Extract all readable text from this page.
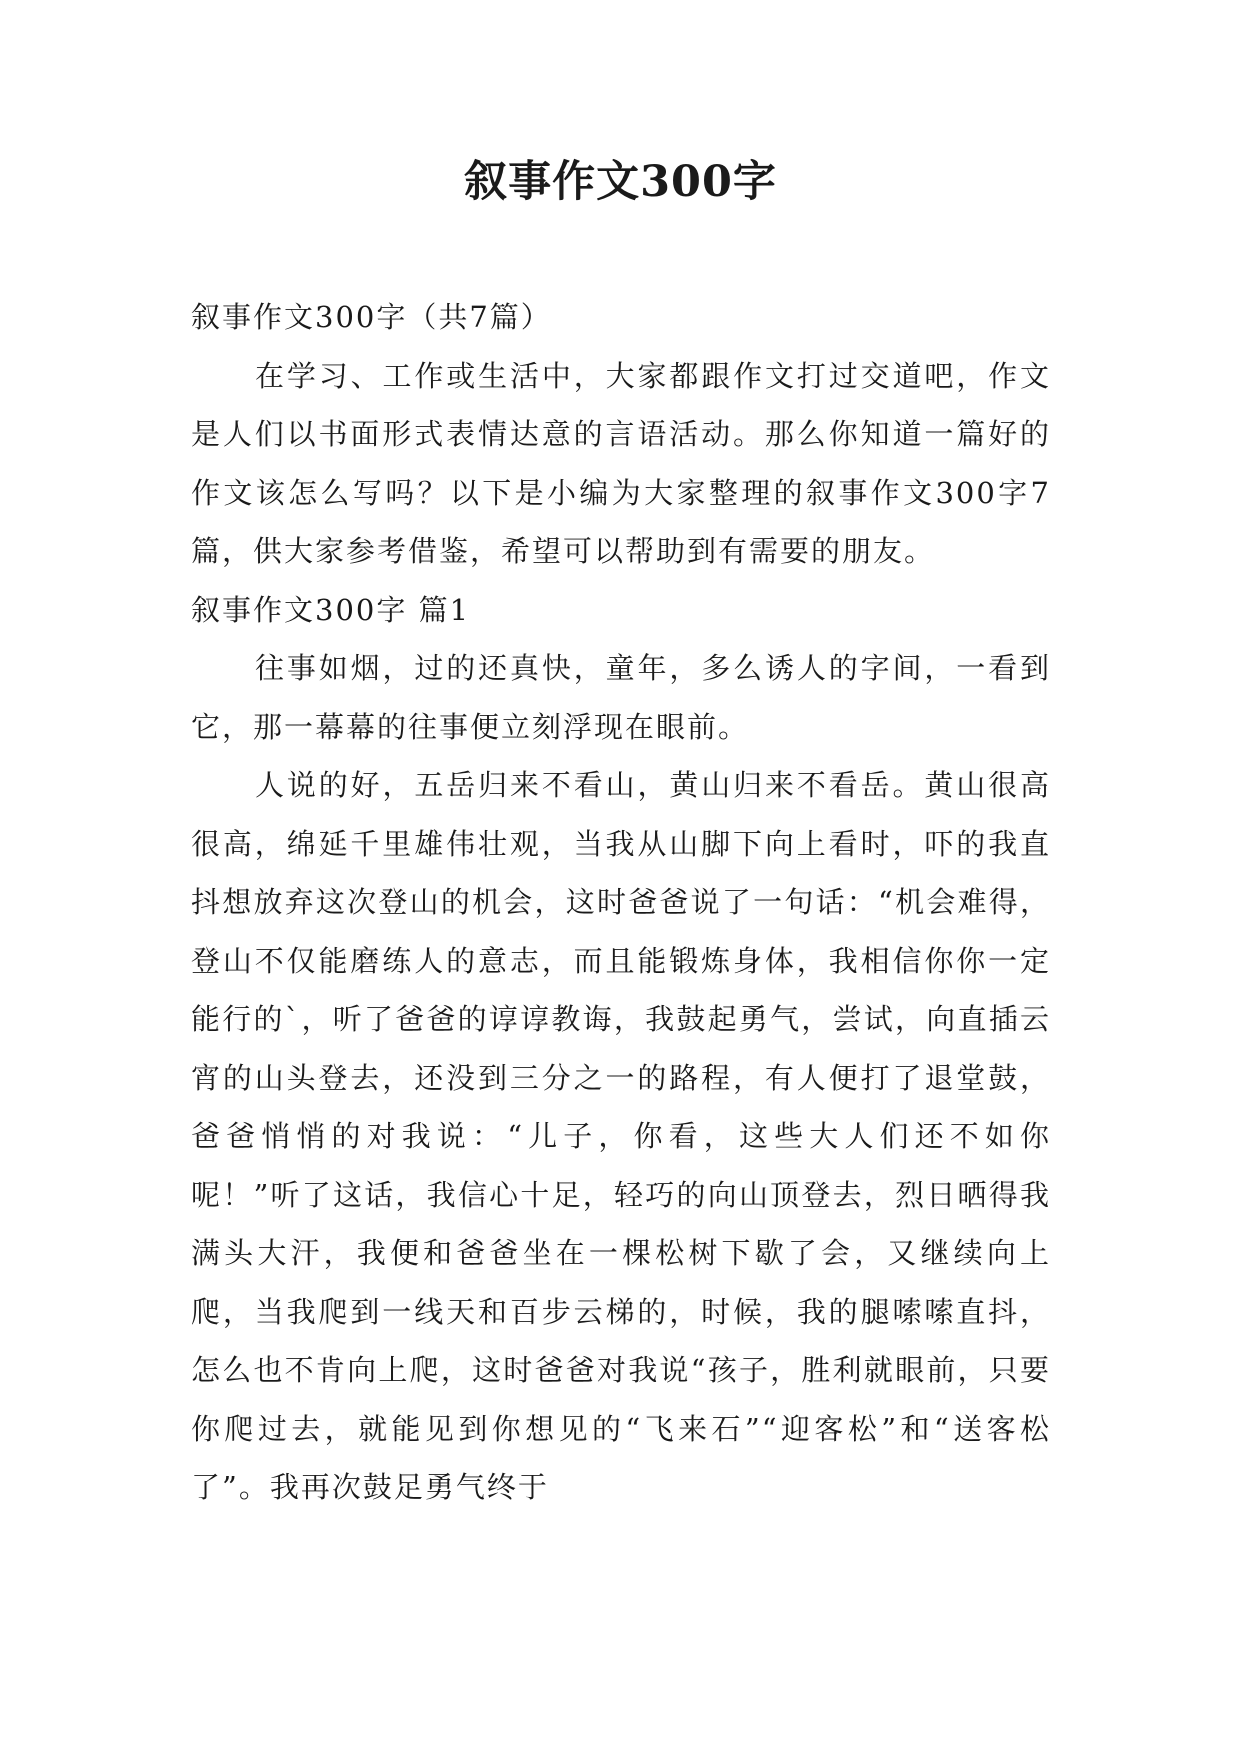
叙事作文300字

叙事作文300字（共7篇）

在学习、工作或生活中，大家都跟作文打过交道吧，作文是人们以书面形式表情达意的言语活动。那么你知道一篇好的作文该怎么写吗？以下是小编为大家整理的叙事作文300字7篇，供大家参考借鉴，希望可以帮助到有需要的朋友。

叙事作文300字 篇1

往事如烟，过的还真快，童年，多么诱人的字间，一看到它，那一幕幕的往事便立刻浮现在眼前。

人说的好，五岳归来不看山，黄山归来不看岳。黄山很高很高，绵延千里雄伟壮观，当我从山脚下向上看时，吓的我直抖想放弃这次登山的机会，这时爸爸说了一句话：“机会难得，登山不仅能磨练人的意志，而且能锻炼身体，我相信你你一定能行的`，听了爸爸的谆谆教诲，我鼓起勇气，尝试，向直插云宵的山头登去，还没到三分之一的路程，有人便打了退堂鼓，爸爸悄悄的对我说：“儿子，你看，这些大人们还不如你呢！”听了这话，我信心十足，轻巧的向山顶登去，烈日晒得我满头大汗，我便和爸爸坐在一棵松树下歇了会，又继续向上爬，当我爬到一线天和百步云梯的，时候，我的腿嗦嗦直抖，怎么也不肯向上爬，这时爸爸对我说“孩子，胜利就眼前，只要你爬过去，就能见到你想见的“飞来石”“迎客松”和“送客松了”。我再次鼓足勇气终于
